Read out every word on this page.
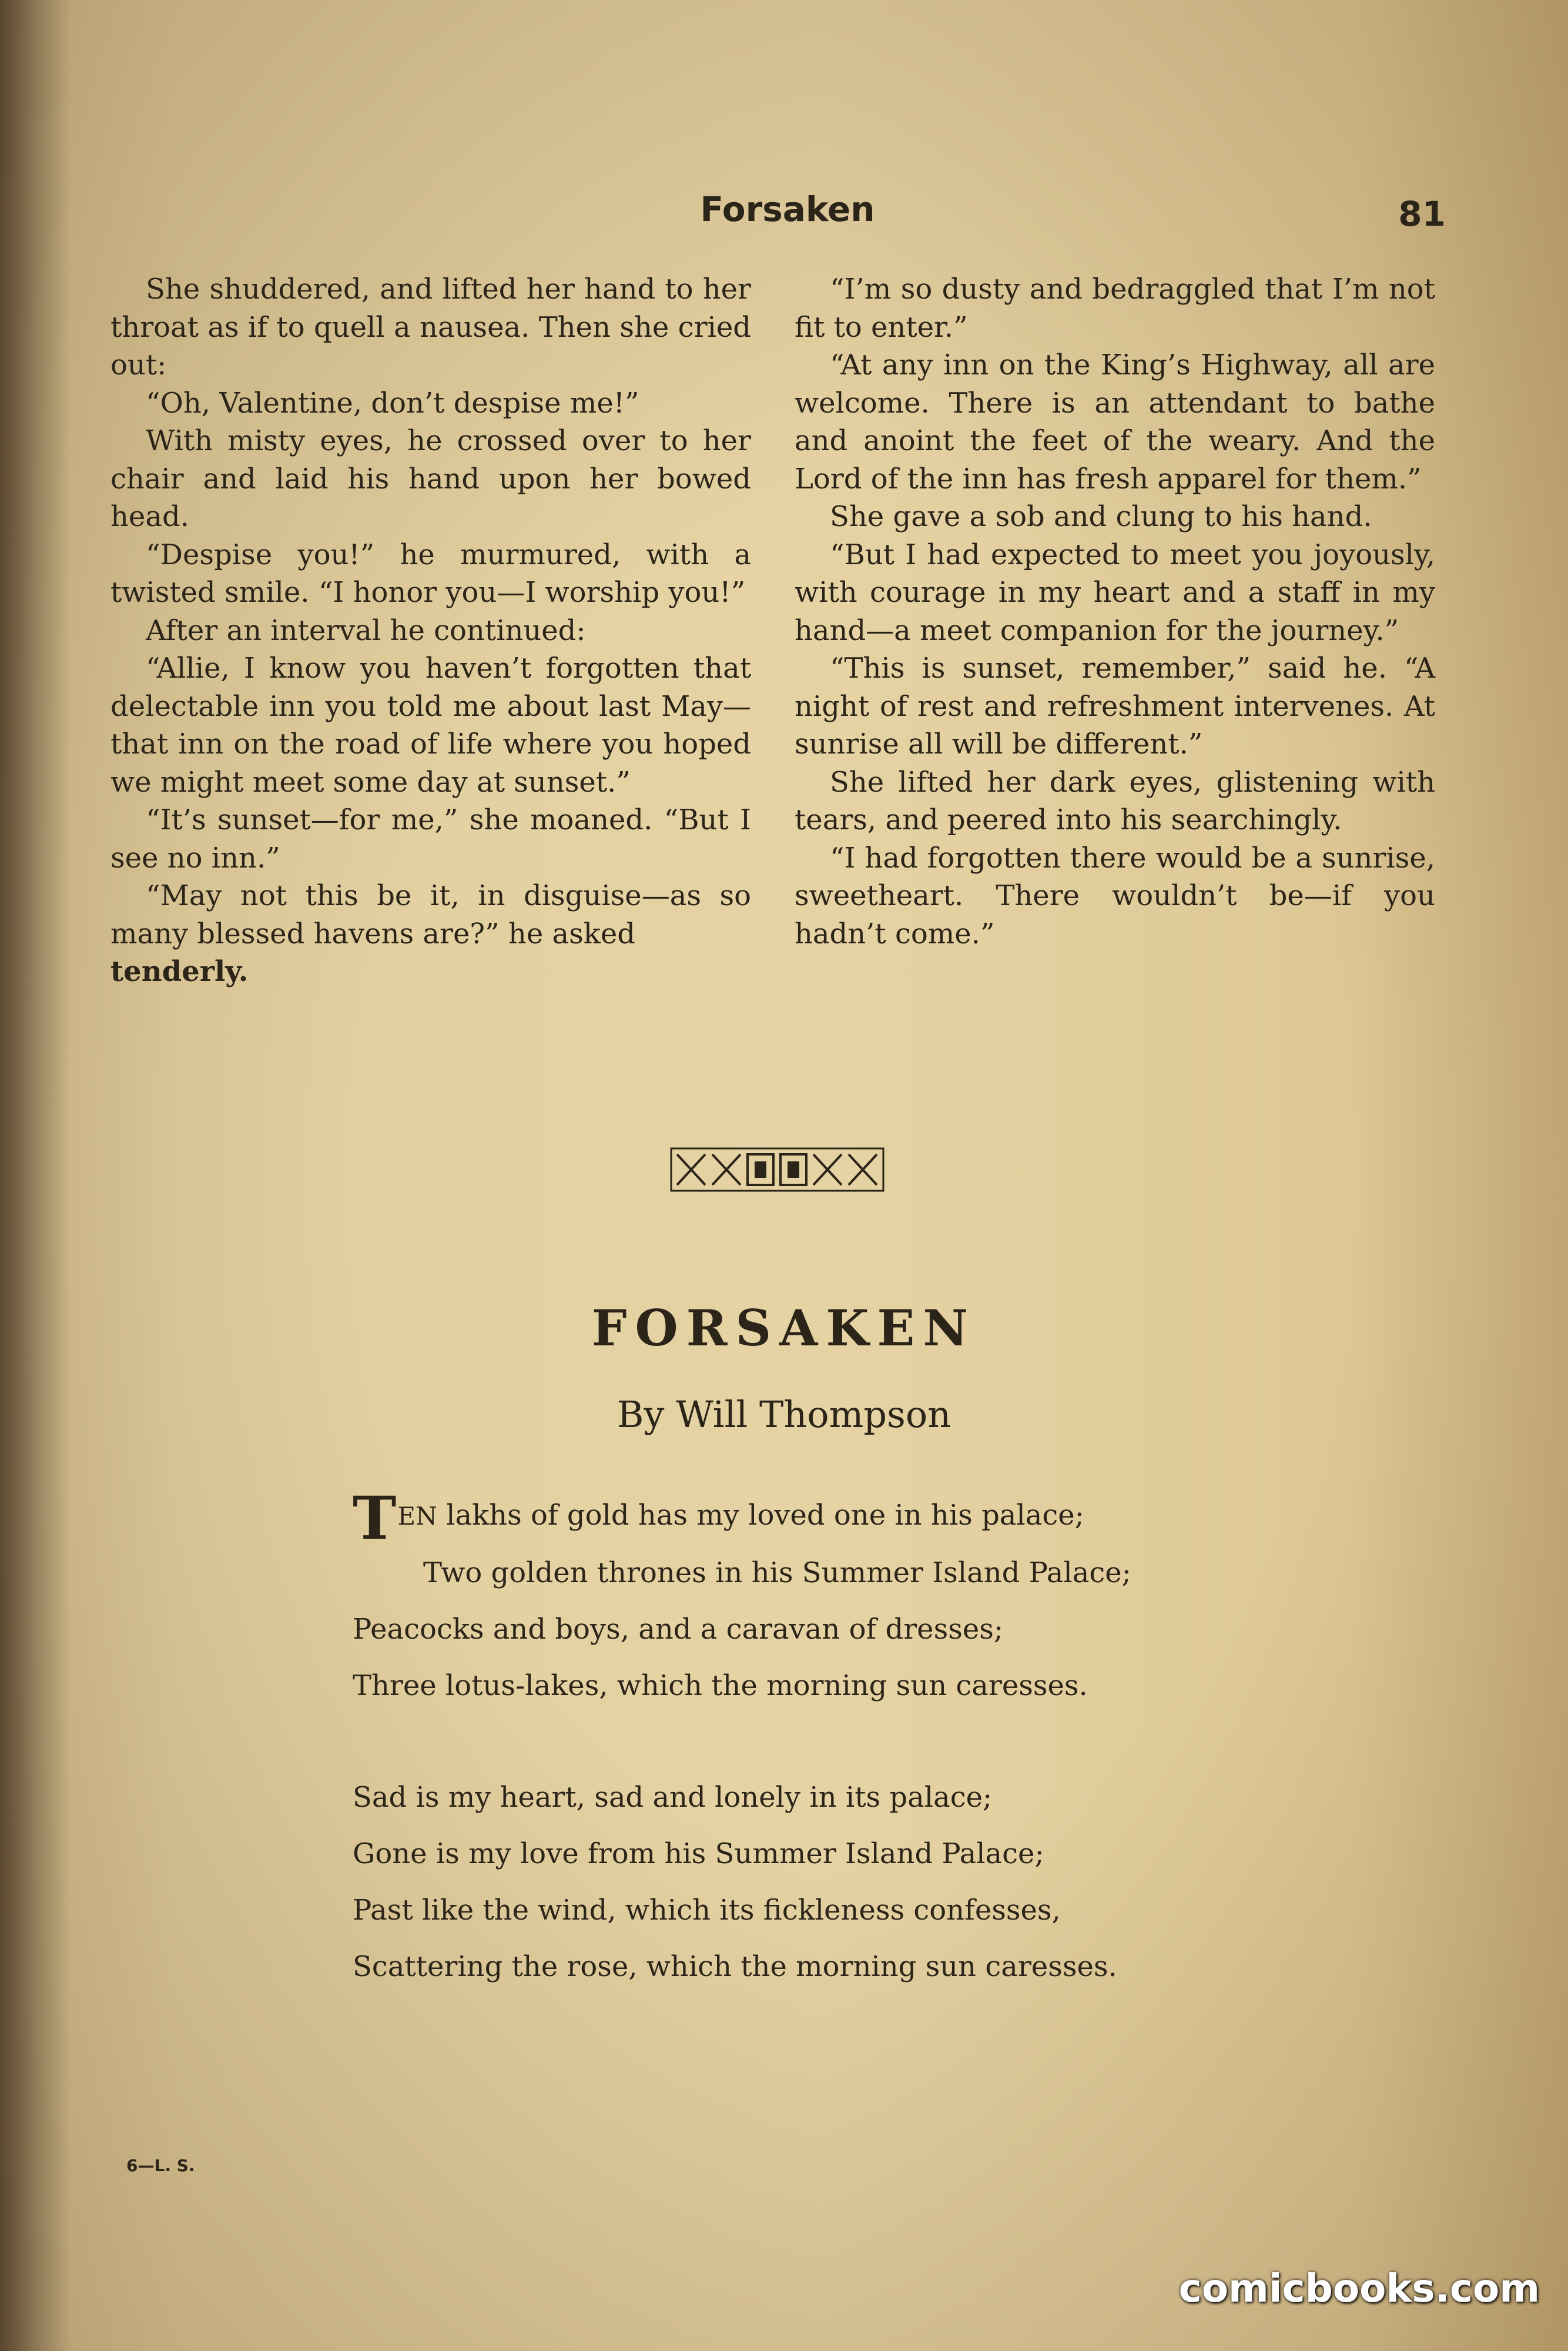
Forsaken	81

She shuddered, and lifted her hand to her throat as if to quell a nausea. Then she cried out:

“Oh, Valentine, don’t despise me!”

With misty eyes, he crossed over to her chair and laid his hand upon her bowed head.

“Despise you!” he murmured, with a twisted smile. “I honor you—I worship you!”

After an interval he continued:

“Allie, I know you haven’t forgotten that delectable inn you told me about last May—that inn on the road of life where you hoped we might meet some day at sunset.”

“It’s sunset—for me,” she moaned. “But I see no inn.”

“May not this be it, in disguise—as so many blessed havens are?” he asked

tenderly.

“I’m so dusty and bedraggled that I’m not fit to enter.”

“At any inn on the King’s Highway, all are welcome. There is an attendant to bathe and anoint the feet of the weary. And the Lord of the inn has fresh apparel for them.”

She gave a sob and clung to his hand.

“But I had expected to meet you joyously, with courage in my heart and a staff in my hand—a meet companion for the journey.”

“This is sunset, remember,” said he. “A night of rest and refreshment intervenes. At sunrise all will be different.”

She lifted her dark eyes, glistening with tears, and peered into his searchingly.

“I had forgotten there would be a sunrise, sweetheart. There wouldn’t be—if you hadn’t come.”

FORSAKEN
By Will Thompson
TEN lakhs of gold has my loved one in his palace;
Two golden thrones in his Summer Island Palace;
Peacocks and boys, and a caravan of dresses;
Three lotus-lakes, which the morning sun caresses.
Sad is my heart, sad and lonely in its palace;
Gone is my love from his Summer Island Palace;
Past like the wind, which its fickleness confesses,
Scattering the rose, which the morning sun caresses.
6—L. S.
comicbooks.com
